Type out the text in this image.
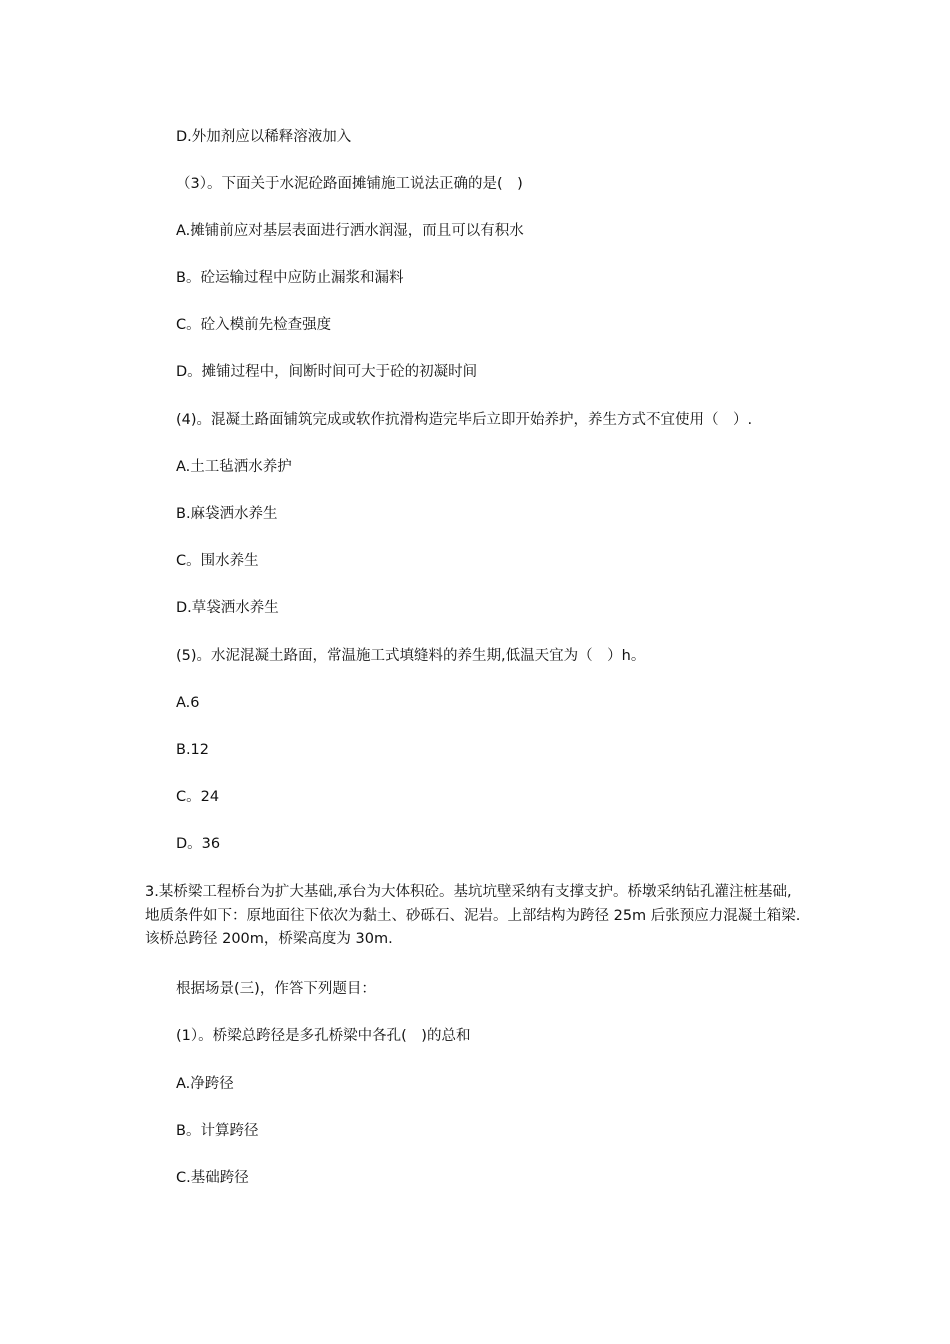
D.外加剂应以稀释溶液加入
（3）。下面关于水泥砼路面摊铺施工说法正确的是(　)
A.摊铺前应对基层表面进行洒水润湿，而且可以有积水
B。砼运输过程中应防止漏浆和漏料
C。砼入模前先检查强度
D。摊铺过程中，间断时间可大于砼的初凝时间
(4)。混凝土路面铺筑完成或软作抗滑构造完毕后立即开始养护，养生方式不宜使用（　）.
A.土工毡洒水养护
B.麻袋洒水养生
C。围水养生
D.草袋洒水养生
(5)。水泥混凝土路面，常温施工式填缝料的养生期,低温天宜为（　）h。
A.6
B.12
C。24
D。36
3.某桥梁工程桥台为扩大基础,承台为大体积砼。基坑坑壁采纳有支撑支护。桥墩采纳钻孔灌注桩基础,地质条件如下：原地面往下依次为黏土、砂砾石、泥岩。上部结构为跨径 25m 后张预应力混凝土箱梁.该桥总跨径 200m，桥梁高度为 30m.
根据场景(三)，作答下列题目：
(1）。桥梁总跨径是多孔桥梁中各孔(　)的总和
A.净跨径
B。计算跨径
C.基础跨径
